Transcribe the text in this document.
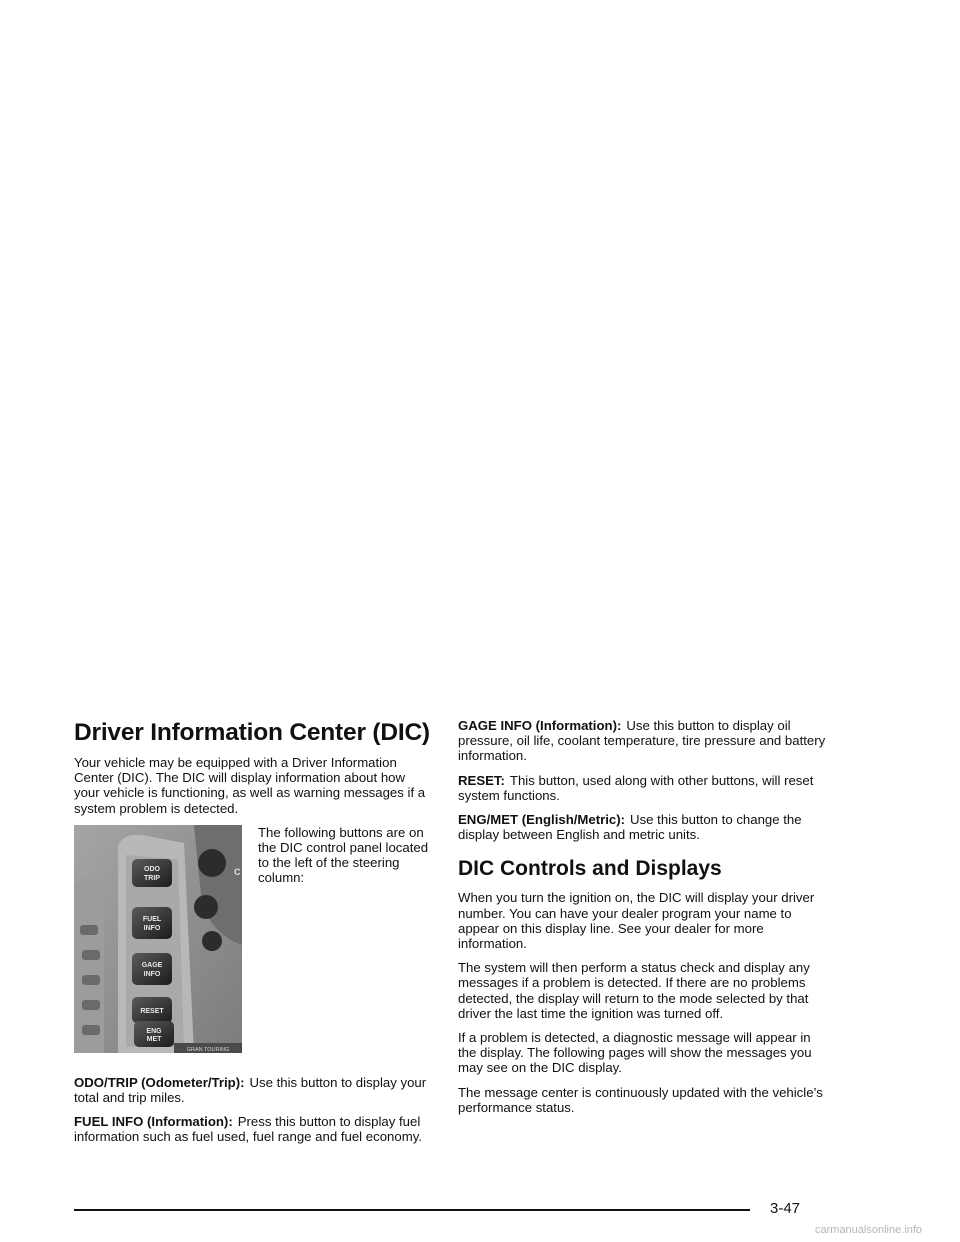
Driver Information Center (DIC)

Your vehicle may be equipped with a Driver Information Center (DIC). The DIC will display information about how your vehicle is functioning, as well as warning messages if a system problem is detected.

ODO
TRIP
FUEL
INFO
GAGE
INFO
RESET
ENG
MET
C
GRAN TOURING

The following buttons are on the DIC control panel located to the left of the steering column:

ODO/TRIP (Odometer/Trip): Use this button to display your total and trip miles.

FUEL INFO (Information): Press this button to display fuel information such as fuel used, fuel range and fuel economy.

GAGE INFO (Information): Use this button to display oil pressure, oil life, coolant temperature, tire pressure and battery information.

RESET: This button, used along with other buttons, will reset system functions.

ENG/MET (English/Metric): Use this button to change the display between English and metric units.

DIC Controls and Displays

When you turn the ignition on, the DIC will display your driver number. You can have your dealer program your name to appear on this display line. See your dealer for more information.

The system will then perform a status check and display any messages if a problem is detected. If there are no problems detected, the display will return to the mode selected by that driver the last time the ignition was turned off.

If a problem is detected, a diagnostic message will appear in the display. The following pages will show the messages you may see on the DIC display.

The message center is continuously updated with the vehicle’s performance status.

3-47
carmanualsonline.info
